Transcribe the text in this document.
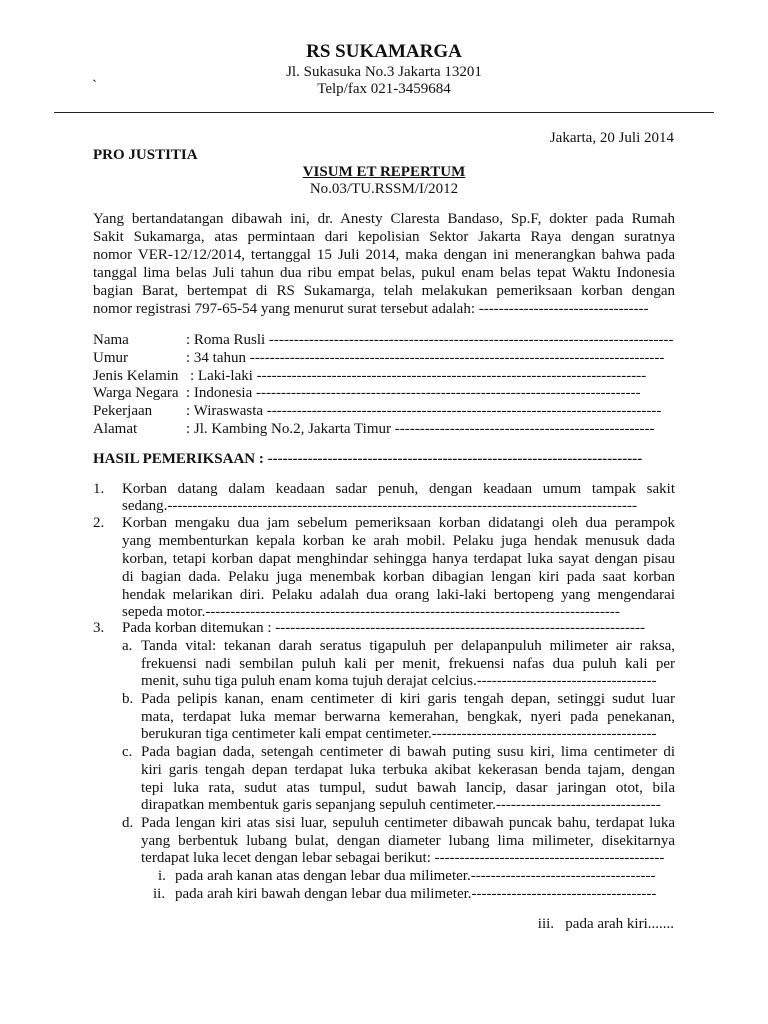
RS SUKAMARGA
Jl. Sukasuka No.3 Jakarta 13201
`	Telp/fax 021-3459684
Jakarta, 20 Juli 2014
PRO JUSTITIA
VISUM ET REPERTUM
No.03/TU.RSSM/I/2012
Yang bertandatangan dibawah ini, dr. Anesty Claresta Bandaso, Sp.F, dokter pada Rumah
Sakit Sukamarga, atas permintaan dari kepolisian Sektor Jakarta Raya dengan suratnya
nomor VER-12/12/2014, tertanggal 15 Juli 2014, maka dengan ini menerangkan bahwa pada
tanggal lima belas Juli tahun dua ribu empat belas, pukul enam belas tepat Waktu Indonesia
bagian Barat, bertempat di RS Sukamarga, telah melakukan pemeriksaan korban dengan
nomor registrasi 797-65-54 yang menurut surat tersebut adalah: ----------------------------------
Nama	: Roma Rusli ---------------------------------------------------------------------------------
Umur	: 34 tahun -----------------------------------------------------------------------------------
Jenis Kelamin : Laki-laki ------------------------------------------------------------------------------
Warga Negara : Indonesia -----------------------------------------------------------------------------
Pekerjaan : Wiraswasta -------------------------------------------------------------------------------
Alamat	: Jl. Kambing No.2, Jakarta Timur ----------------------------------------------------
HASIL PEMERIKSAAN : ---------------------------------------------------------------------------
1. Korban datang dalam keadaan sadar penuh, dengan keadaan umum tampak sakit
sedang.----------------------------------------------------------------------------------------------
2. Korban mengaku dua jam sebelum pemeriksaan korban didatangi oleh dua perampok
yang membenturkan kepala korban ke arah mobil. Pelaku juga hendak menusuk dada
korban, tetapi korban dapat menghindar sehingga hanya terdapat luka sayat dengan pisau
di bagian dada. Pelaku juga menembak korban dibagian lengan kiri pada saat korban
hendak melarikan diri. Pelaku adalah dua orang laki-laki bertopeng yang mengendarai
sepeda motor.-----------------------------------------------------------------------------------
3. Pada korban ditemukan : --------------------------------------------------------------------------
a. Tanda vital: tekanan darah seratus tigapuluh per delapanpuluh milimeter air raksa,
frekuensi nadi sembilan puluh kali per menit, frekuensi nafas dua puluh kali per
menit, suhu tiga puluh enam koma tujuh derajat celcius.------------------------------------
b. Pada pelipis kanan, enam centimeter di kiri garis tengah depan, setinggi sudut luar
mata, terdapat luka memar berwarna kemerahan, bengkak, nyeri pada penekanan,
berukuran tiga centimeter kali empat centimeter.---------------------------------------------
c. Pada bagian dada, setengah centimeter di bawah puting susu kiri, lima centimeter di
kiri garis tengah depan terdapat luka terbuka akibat kekerasan benda tajam, dengan
tepi luka rata, sudut atas tumpul, sudut bawah lancip, dasar jaringan otot, bila
dirapatkan membentuk garis sepanjang sepuluh centimeter.---------------------------------
d. Pada lengan kiri atas sisi luar, sepuluh centimeter dibawah puncak bahu, terdapat luka
yang berbentuk lubang bulat, dengan diameter lubang lima milimeter, disekitarnya
terdapat luka lecet dengan lebar sebagai berikut: ----------------------------------------------
i. pada arah kanan atas dengan lebar dua milimeter.-------------------------------------
ii. pada arah kiri bawah dengan lebar dua milimeter.-------------------------------------
iii.   pada arah kiri.......
